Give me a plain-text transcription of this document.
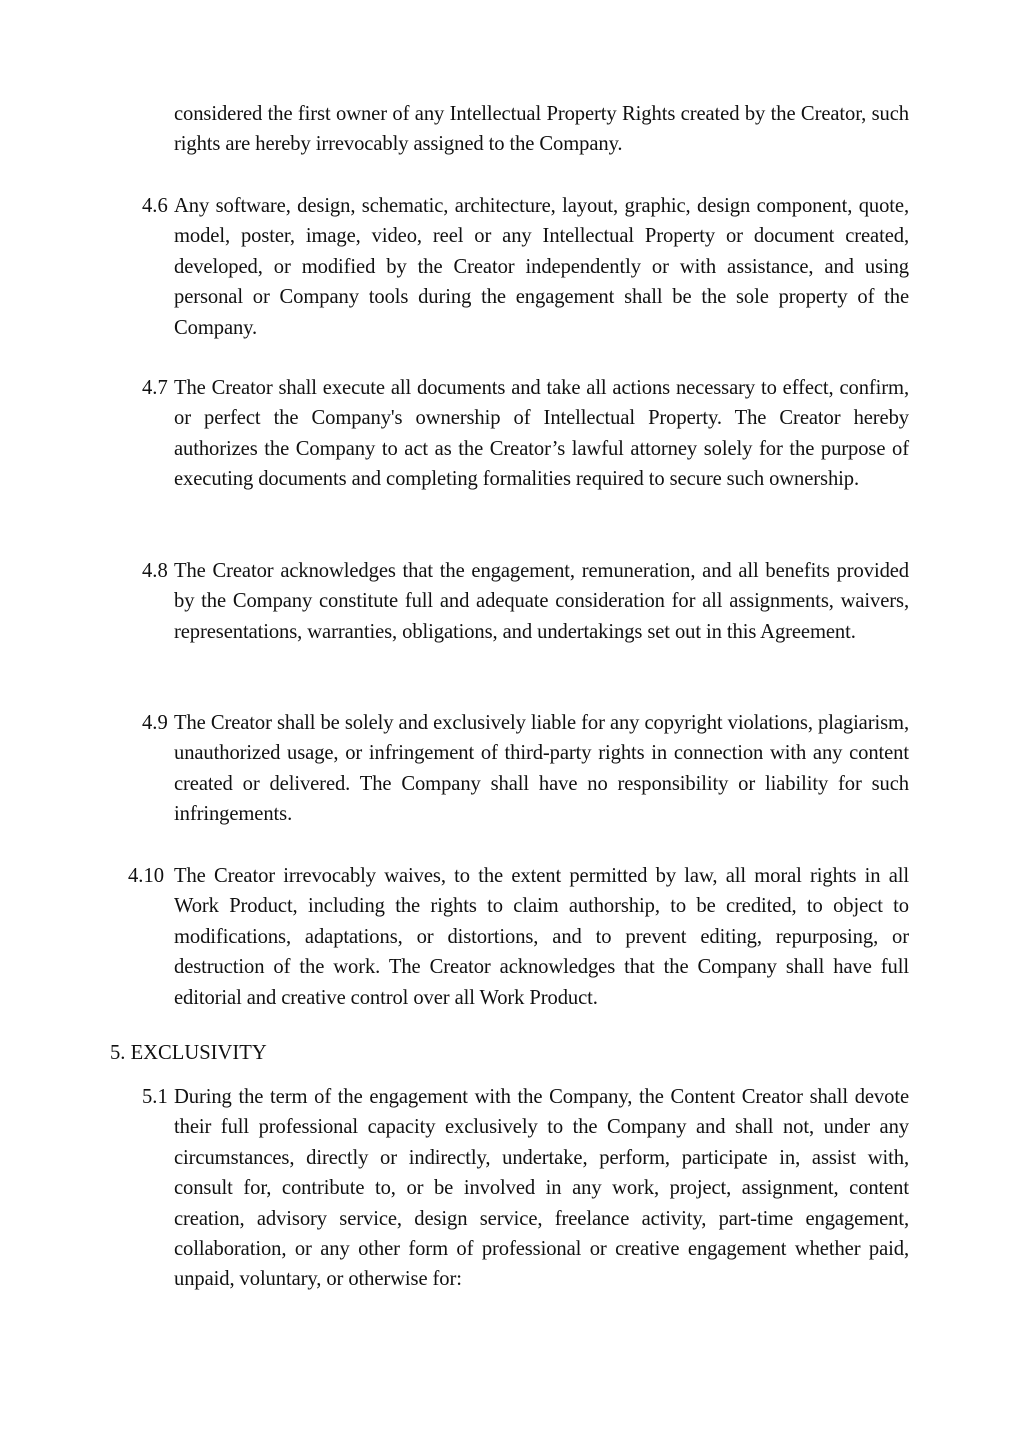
considered the first owner of any Intellectual Property Rights created by the Creator, such rights are hereby irrevocably assigned to the Company.

4.6 Any software, design, schematic, architecture, layout, graphic, design component, quote, model, poster, image, video, reel or any Intellectual Property or document created, developed, or modified by the Creator independently or with assistance, and using personal or Company tools during the engagement shall be the sole property of the Company.

4.7 The Creator shall execute all documents and take all actions necessary to effect, confirm, or perfect the Company's ownership of Intellectual Property. The Creator hereby authorizes the Company to act as the Creator’s lawful attorney solely for the purpose of executing documents and completing formalities required to secure such ownership.

4.8 The Creator acknowledges that the engagement, remuneration, and all benefits provided by the Company constitute full and adequate consideration for all assignments, waivers, representations, warranties, obligations, and undertakings set out in this Agreement.

4.9 The Creator shall be solely and exclusively liable for any copyright violations, plagiarism, unauthorized usage, or infringement of third-party rights in connection with any content created or delivered. The Company shall have no responsibility or liability for such infringements.

4.10 The Creator irrevocably waives, to the extent permitted by law, all moral rights in all Work Product, including the rights to claim authorship, to be credited, to object to modifications, adaptations, or distortions, and to prevent editing, repurposing, or destruction of the work. The Creator acknowledges that the Company shall have full editorial and creative control over all Work Product.

5. EXCLUSIVITY

5.1 During the term of the engagement with the Company, the Content Creator shall devote their full professional capacity exclusively to the Company and shall not, under any circumstances, directly or indirectly, undertake, perform, participate in, assist with, consult for, contribute to, or be involved in any work, project, assignment, content creation, advisory service, design service, freelance activity, part-time engagement, collaboration, or any other form of professional or creative engagement whether paid, unpaid, voluntary, or otherwise for:
